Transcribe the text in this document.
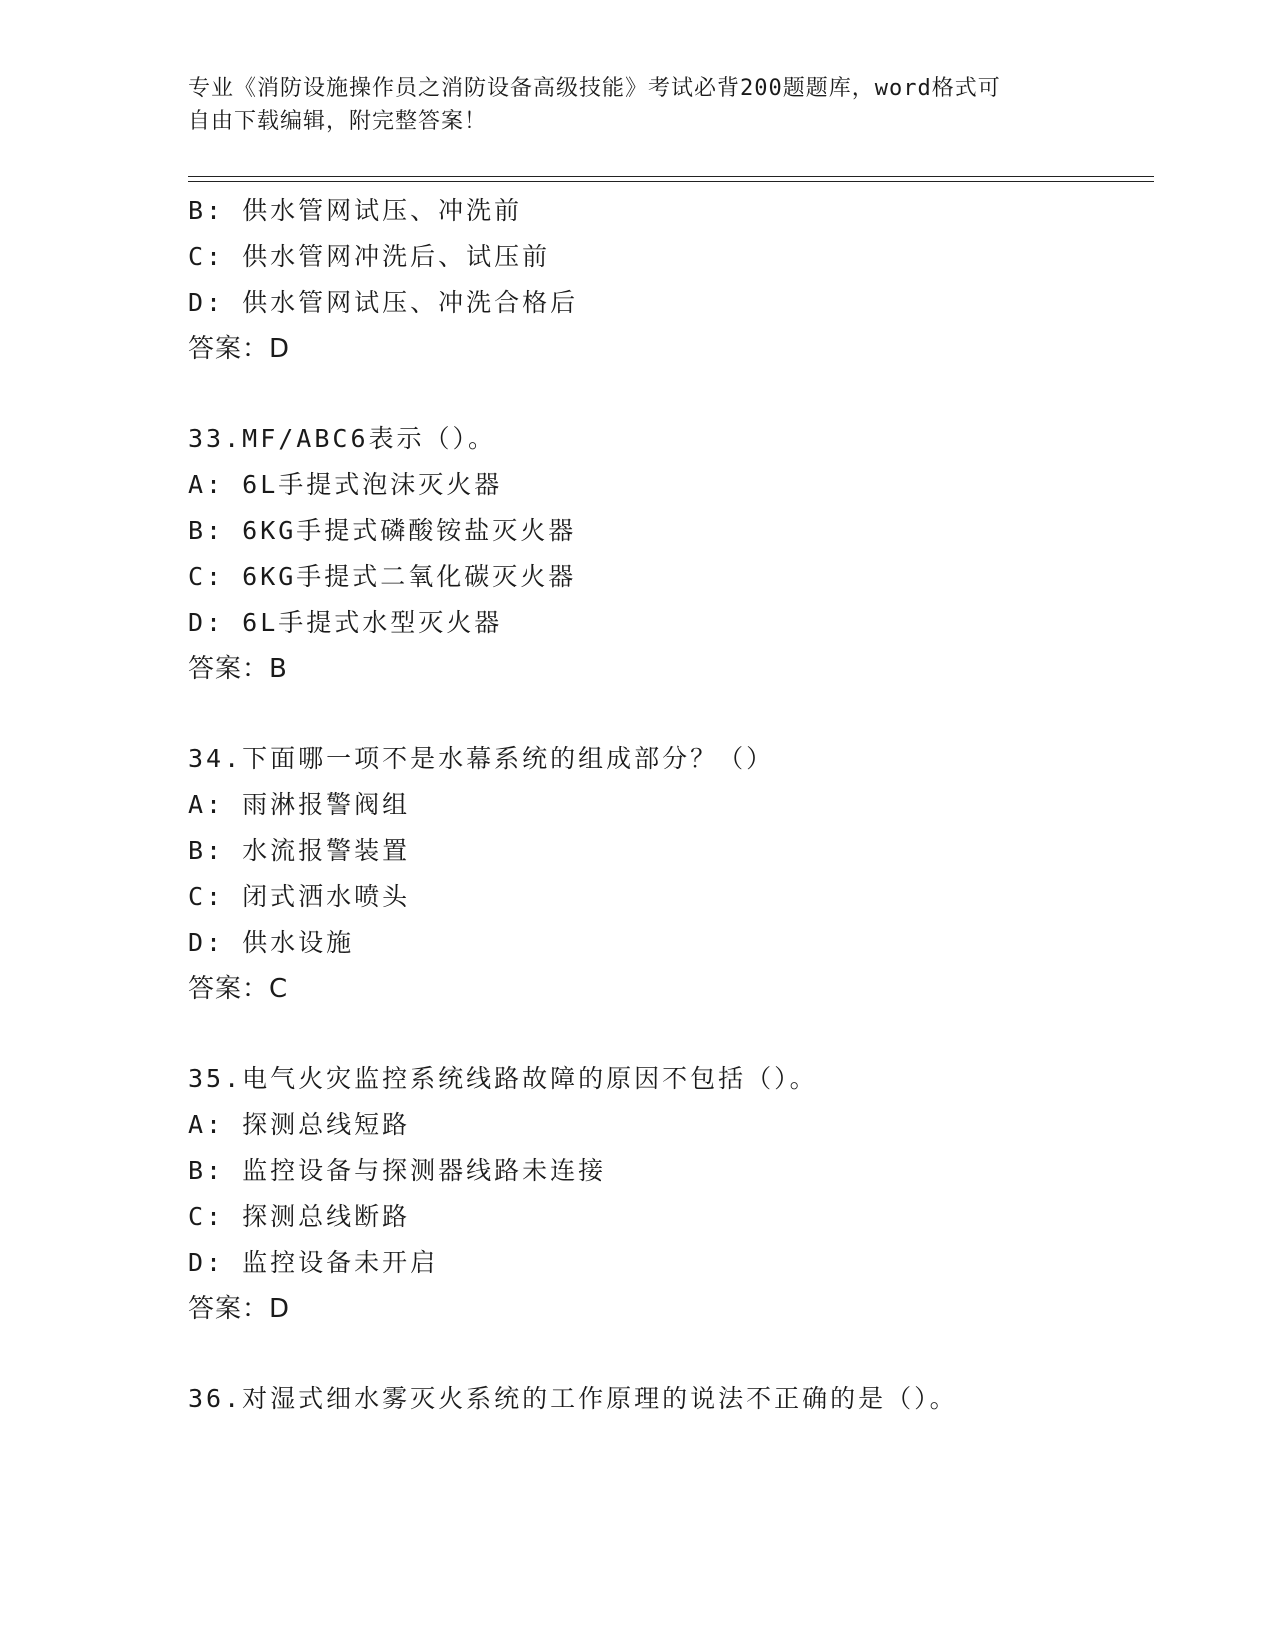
专业《消防设施操作员之消防设备高级技能》考试必背200题题库，word格式可
自由下载编辑，附完整答案！
B: 供水管网试压、冲洗前
C: 供水管网冲洗后、试压前
D: 供水管网试压、冲洗合格后
答案：D
33.MF/ABC6表示（）。
A: 6L手提式泡沫灭火器
B: 6KG手提式磷酸铵盐灭火器
C: 6KG手提式二氧化碳灭火器
D: 6L手提式水型灭火器
答案：B
34.下面哪一项不是水幕系统的组成部分？（）
A: 雨淋报警阀组
B: 水流报警装置
C: 闭式洒水喷头
D: 供水设施
答案：C
35.电气火灾监控系统线路故障的原因不包括（）。
A: 探测总线短路
B: 监控设备与探测器线路未连接
C: 探测总线断路
D: 监控设备未开启
答案：D
36.对湿式细水雾灭火系统的工作原理的说法不正确的是（）。
